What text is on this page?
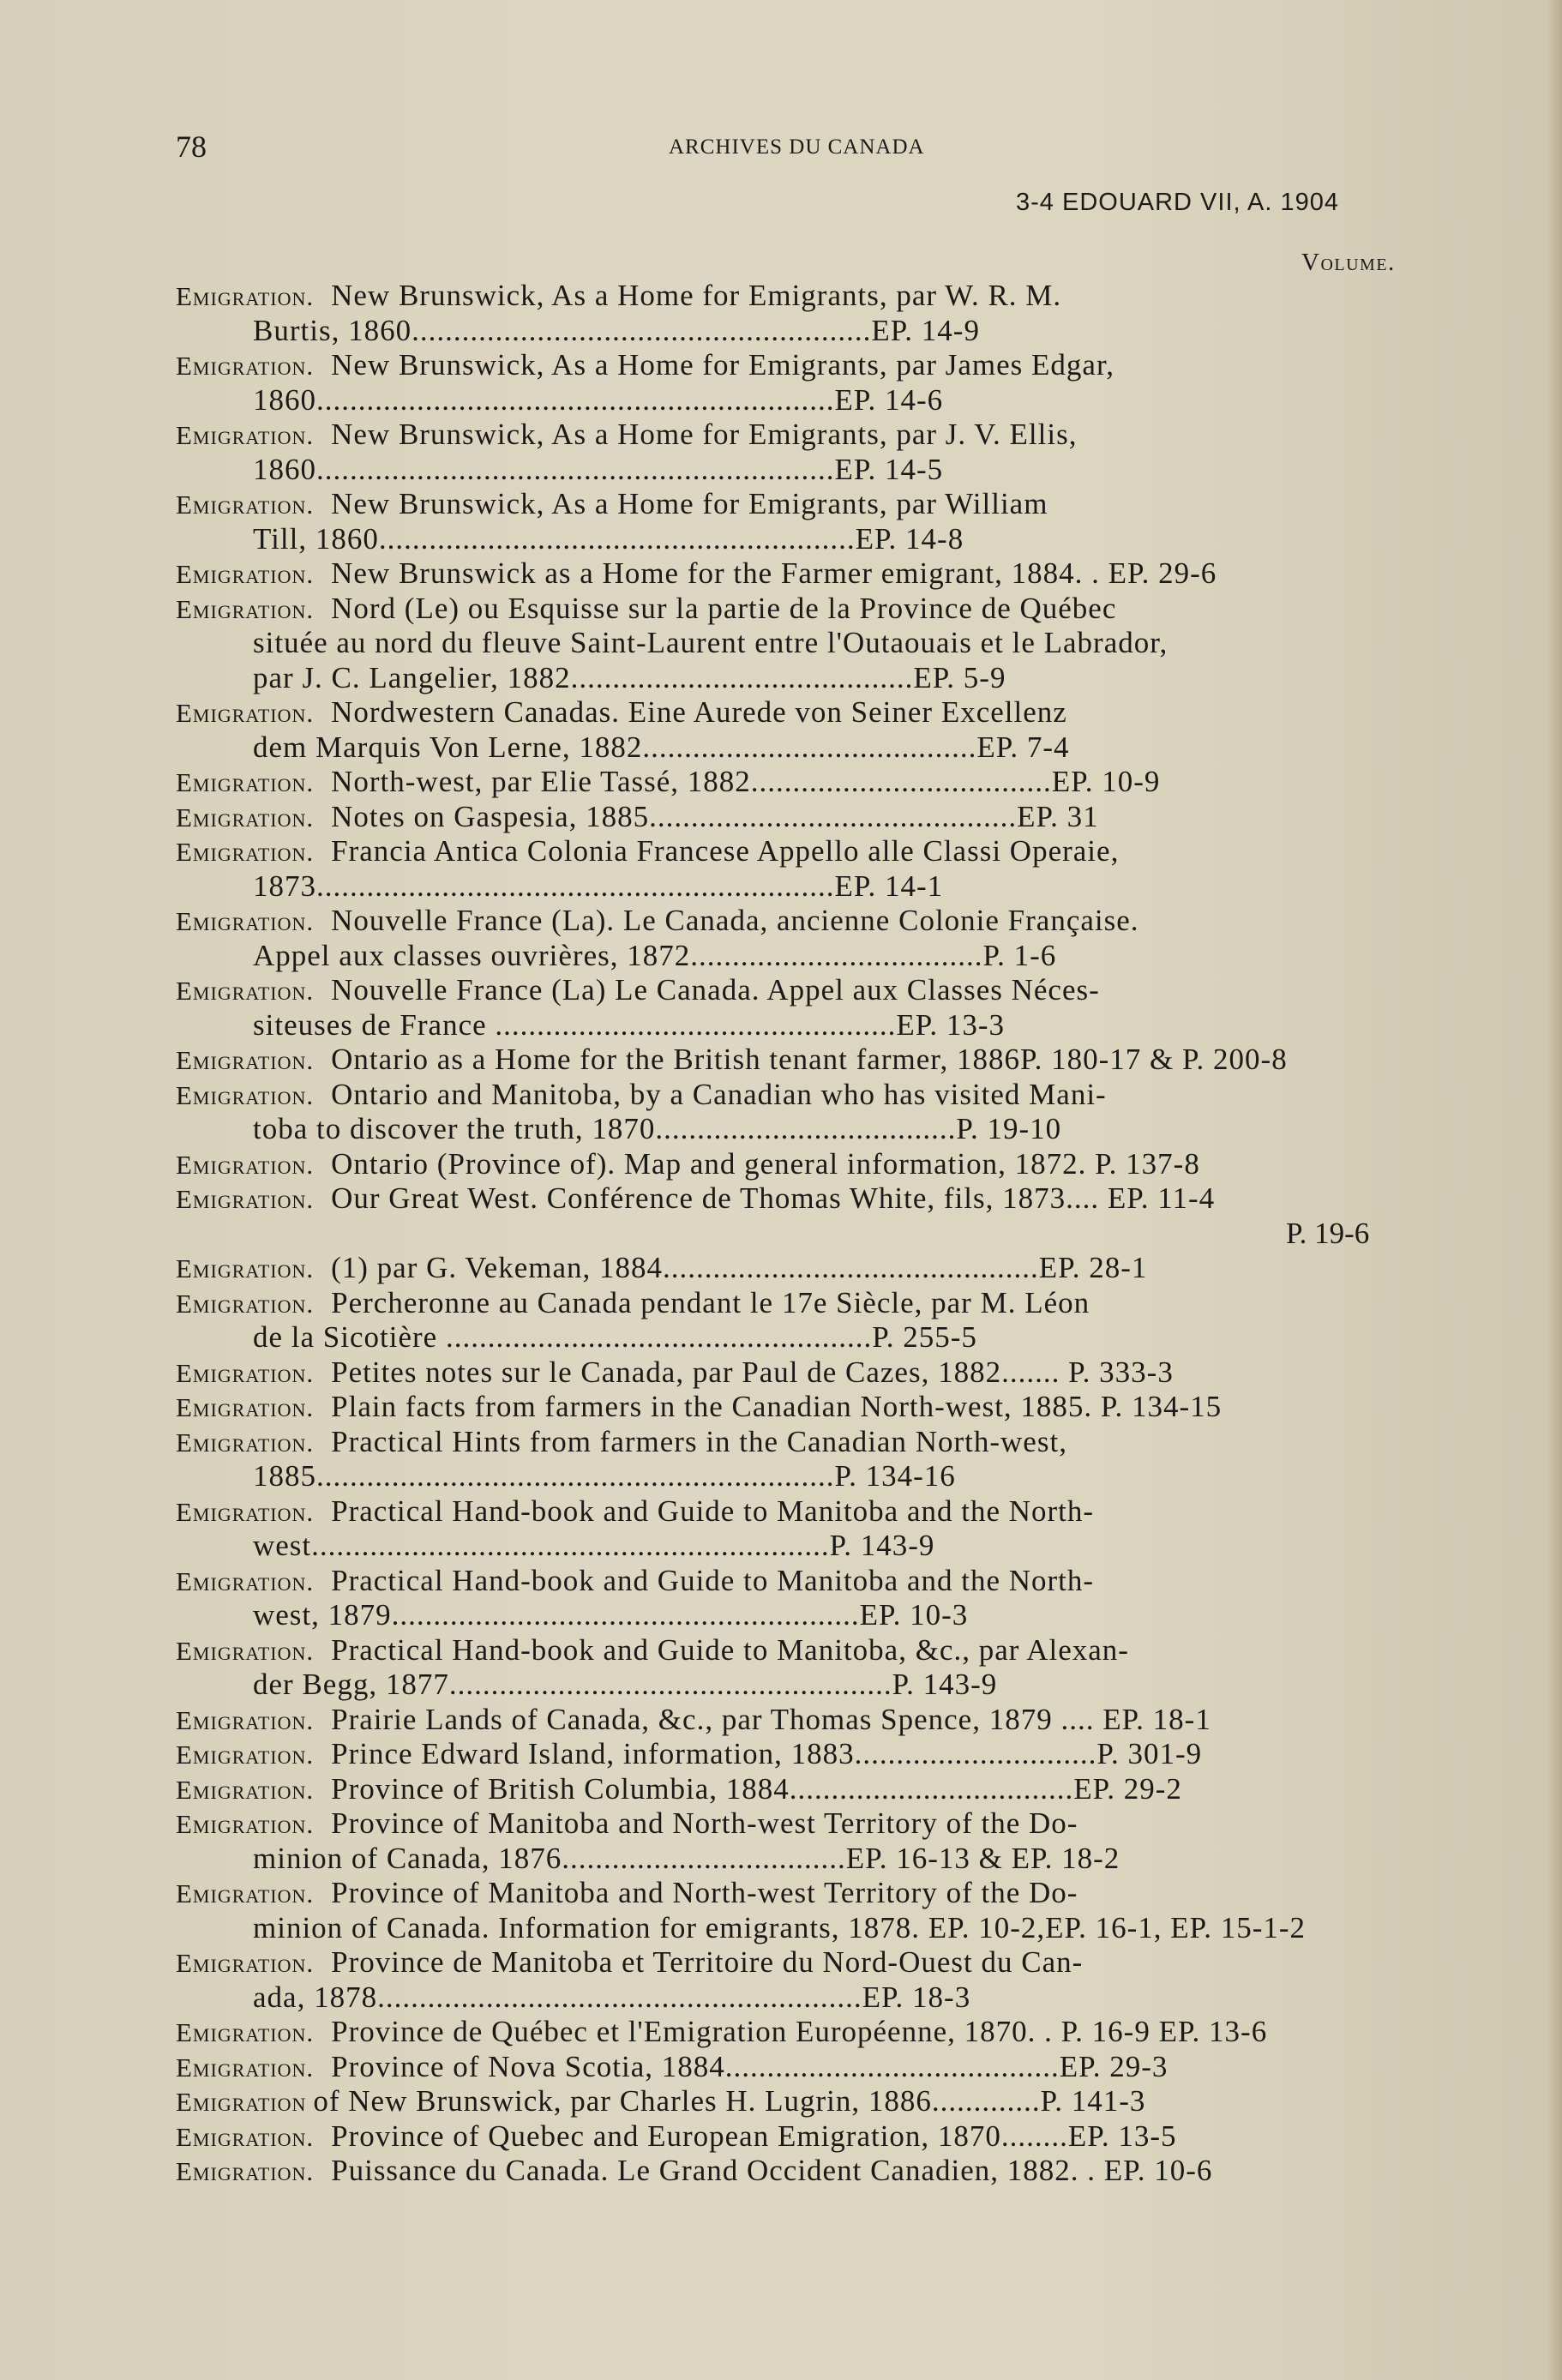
78	ARCHIVES DU CANADA
3-4 EDOUARD VII, A. 1904
Volume.
Emigration. New Brunswick, As a Home for Emigrants, par W. R. M.
Burtis, 1860.......................................................EP. 14-9
Emigration. New Brunswick, As a Home for Emigrants, par James Edgar,
1860..............................................................EP. 14-6
Emigration. New Brunswick, As a Home for Emigrants, par J. V. Ellis,
1860..............................................................EP. 14-5
Emigration. New Brunswick, As a Home for Emigrants, par William
Till, 1860.........................................................EP. 14-8
Emigration. New Brunswick as a Home for the Farmer emigrant, 1884. . EP. 29-6
Emigration. Nord (Le) ou Esquisse sur la partie de la Province de Québec
située au nord du fleuve Saint-Laurent entre l'Outaouais et le Labrador,
par J. C. Langelier, 1882.........................................EP. 5-9
Emigration. Nordwestern Canadas. Eine Aurede von Seiner Excellenz
dem Marquis Von Lerne, 1882........................................EP. 7-4
Emigration. North-west, par Elie Tassé, 1882....................................EP. 10-9
Emigration. Notes on Gaspesia, 1885............................................EP. 31
Emigration. Francia Antica Colonia Francese Appello alle Classi Operaie,
1873..............................................................EP. 14-1
Emigration. Nouvelle France (La). Le Canada, ancienne Colonie Française.
Appel aux classes ouvrières, 1872...................................P. 1-6
Emigration. Nouvelle France (La) Le Canada. Appel aux Classes Néces-
siteuses de France ................................................EP. 13-3
Emigration. Ontario as a Home for the British tenant farmer, 1886P. 180-17 & P. 200-8
Emigration. Ontario and Manitoba, by a Canadian who has visited Mani-
toba to discover the truth, 1870....................................P. 19-10
Emigration. Ontario (Province of). Map and general information, 1872. P. 137-8
Emigration. Our Great West. Conférence de Thomas White, fils, 1873.... EP. 11-4
P. 19-6
Emigration. (1) par G. Vekeman, 1884.............................................EP. 28-1
Emigration. Percheronne au Canada pendant le 17e Siècle, par M. Léon
de la Sicotière ...................................................P. 255-5
Emigration. Petites notes sur le Canada, par Paul de Cazes, 1882....... P. 333-3
Emigration. Plain facts from farmers in the Canadian North-west, 1885. P. 134-15
Emigration. Practical Hints from farmers in the Canadian North-west,
1885..............................................................P. 134-16
Emigration. Practical Hand-book and Guide to Manitoba and the North-
west..............................................................P. 143-9
Emigration. Practical Hand-book and Guide to Manitoba and the North-
west, 1879........................................................EP. 10-3
Emigration. Practical Hand-book and Guide to Manitoba, &c., par Alexan-
der Begg, 1877.....................................................P. 143-9
Emigration. Prairie Lands of Canada, &c., par Thomas Spence, 1879 .... EP. 18-1
Emigration. Prince Edward Island, information, 1883.............................P. 301-9
Emigration. Province of British Columbia, 1884..................................EP. 29-2
Emigration. Province of Manitoba and North-west Territory of the Do-
minion of Canada, 1876..................................EP. 16-13 & EP. 18-2
Emigration. Province of Manitoba and North-west Territory of the Do-
minion of Canada. Information for emigrants, 1878. EP. 10-2,EP. 16-1, EP. 15-1-2
Emigration. Province de Manitoba et Territoire du Nord-Ouest du Can-
ada, 1878..........................................................EP. 18-3
Emigration. Province de Québec et l'Emigration Européenne, 1870. . P. 16-9 EP. 13-6
Emigration. Province of Nova Scotia, 1884........................................EP. 29-3
Emigration of New Brunswick, par Charles H. Lugrin, 1886.............P. 141-3
Emigration. Province of Quebec and European Emigration, 1870........EP. 13-5
Emigration. Puissance du Canada. Le Grand Occident Canadien, 1882. . EP. 10-6
